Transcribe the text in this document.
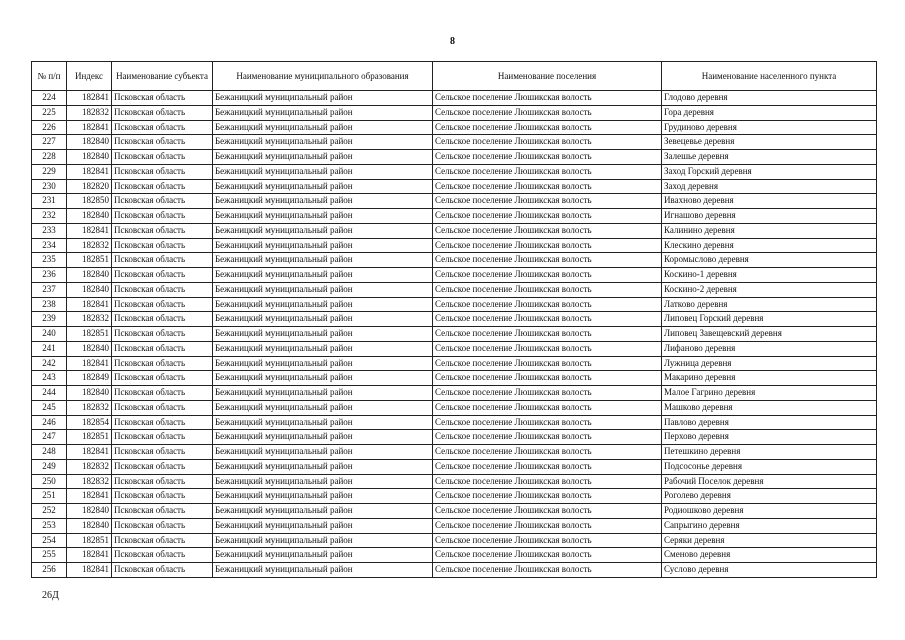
8
№ п/п	Индекс	Наименование субъекта	Наименование муниципального образования	Наименование поселения	Наименование населенного пункта
224	182841	Псковская область	Бежаницкий муниципальный район	Сельское поселение Люшикская волость	Глодово деревня
225	182832	Псковская область	Бежаницкий муниципальный район	Сельское поселение Люшикская волость	Гора деревня
226	182841	Псковская область	Бежаницкий муниципальный район	Сельское поселение Люшикская волость	Грудиново деревня
227	182840	Псковская область	Бежаницкий муниципальный район	Сельское поселение Люшикская волость	Зевецевье деревня
228	182840	Псковская область	Бежаницкий муниципальный район	Сельское поселение Люшикская волость	Залешье деревня
229	182841	Псковская область	Бежаницкий муниципальный район	Сельское поселение Люшикская волость	Заход Горский деревня
230	182820	Псковская область	Бежаницкий муниципальный район	Сельское поселение Люшикская волость	Заход деревня
231	182850	Псковская область	Бежаницкий муниципальный район	Сельское поселение Люшикская волость	Ивахново деревня
232	182840	Псковская область	Бежаницкий муниципальный район	Сельское поселение Люшикская волость	Игнашово деревня
233	182841	Псковская область	Бежаницкий муниципальный район	Сельское поселение Люшикская волость	Калинино деревня
234	182832	Псковская область	Бежаницкий муниципальный район	Сельское поселение Люшикская волость	Клескино деревня
235	182851	Псковская область	Бежаницкий муниципальный район	Сельское поселение Люшикская волость	Коромыслово деревня
236	182840	Псковская область	Бежаницкий муниципальный район	Сельское поселение Люшикская волость	Коскино-1 деревня
237	182840	Псковская область	Бежаницкий муниципальный район	Сельское поселение Люшикская волость	Коскино-2 деревня
238	182841	Псковская область	Бежаницкий муниципальный район	Сельское поселение Люшикская волость	Латково деревня
239	182832	Псковская область	Бежаницкий муниципальный район	Сельское поселение Люшикская волость	Липовец Горский деревня
240	182851	Псковская область	Бежаницкий муниципальный район	Сельское поселение Люшикская волость	Липовец Завещевский деревня
241	182840	Псковская область	Бежаницкий муниципальный район	Сельское поселение Люшикская волость	Лифаново деревня
242	182841	Псковская область	Бежаницкий муниципальный район	Сельское поселение Люшикская волость	Лужница деревня
243	182849	Псковская область	Бежаницкий муниципальный район	Сельское поселение Люшикская волость	Макарино деревня
244	182840	Псковская область	Бежаницкий муниципальный район	Сельское поселение Люшикская волость	Малое Гагрино деревня
245	182832	Псковская область	Бежаницкий муниципальный район	Сельское поселение Люшикская волость	Машково деревня
246	182854	Псковская область	Бежаницкий муниципальный район	Сельское поселение Люшикская волость	Павлово деревня
247	182851	Псковская область	Бежаницкий муниципальный район	Сельское поселение Люшикская волость	Перхово деревня
248	182841	Псковская область	Бежаницкий муниципальный район	Сельское поселение Люшикская волость	Петешкино деревня
249	182832	Псковская область	Бежаницкий муниципальный район	Сельское поселение Люшикская волость	Подсосонье деревня
250	182832	Псковская область	Бежаницкий муниципальный район	Сельское поселение Люшикская волость	Рабочий Поселок деревня
251	182841	Псковская область	Бежаницкий муниципальный район	Сельское поселение Люшикская волость	Роголево деревня
252	182840	Псковская область	Бежаницкий муниципальный район	Сельское поселение Люшикская волость	Родиошково деревня
253	182840	Псковская область	Бежаницкий муниципальный район	Сельское поселение Люшикская волость	Сапрыгино деревня
254	182851	Псковская область	Бежаницкий муниципальный район	Сельское поселение Люшикская волость	Серяки деревня
255	182841	Псковская область	Бежаницкий муниципальный район	Сельское поселение Люшикская волость	Сменово деревня
256	182841	Псковская область	Бежаницкий муниципальный район	Сельское поселение Люшикская волость	Суслово деревня
26Д
